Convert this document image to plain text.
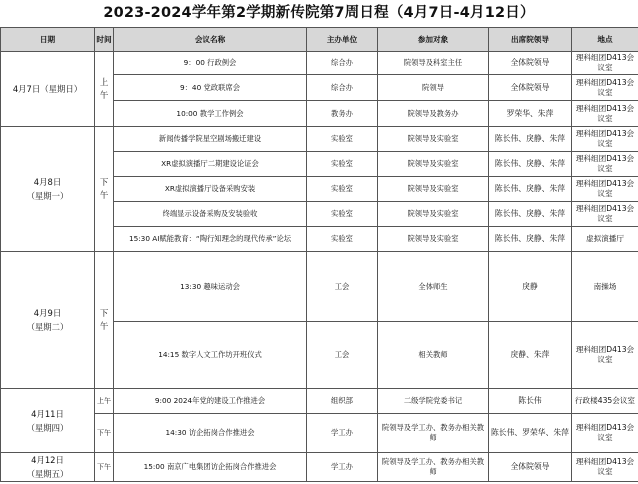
2023-2024学年第2学期新传院第7周日程（4月7日-4月12日）
日期	时间	会议名称	主办单位	参加对象	出席院领导	地点
4月7日（星期日）	上午	9：00 行政例会	综合办	院领导及科室主任	全体院领导	理科组团D413会议室
		9：40 党政联席会	综合办	院领导	全体院领导	理科组团D413会议室
		10:00 教学工作例会	教务办	院领导及教务办	罗荣华、朱萍	理科组团D413会议室
4月8日
（星期一）	下午	新闻传播学院星空剧场搬迁建设	实验室	院领导及实验室	陈长伟、戾静、朱萍	理科组团D413会议室
		XR虚拟演播厅二期建设论证会	实验室	院领导及实验室	陈长伟、戾静、朱萍	理科组团D413会议室
		XR虚拟演播厅设备采购安装	实验室	院领导及实验室	陈长伟、戾静、朱萍	理科组团D413会议室
		终端显示设备采购及安装验收	实验室	院领导及实验室	陈长伟、戾静、朱萍	理科组团D413会议室
		15:30 AI赋能教育：“陶行知理念的现代传承”论坛	实验室	院领导及实验室	陈长伟、戾静、朱萍	虚拟演播厅
4月9日
（星期二）	下午	13:30 趣味运动会	工会	全体师生	戾静	南操场
		14:15 数字人文工作坊开班仪式	工会	相关教师	戾静、朱萍	理科组团D413会议室
4月11日
（星期四）	上午	9:00 2024年党的建设工作推进会	组织部	二级学院党委书记	陈长伟	行政楼435会议室
	下午	14:30 访企拓岗合作推进会	学工办	院领导及学工办、教务办相关教师	陈长伟、罗荣华、朱萍	理科组团D413会议室
4月12日
（星期五）	下午	15:00 南京广电集团访企拓岗合作推进会	学工办	院领导及学工办、教务办相关教师	全体院领导	理科组团D413会议室
